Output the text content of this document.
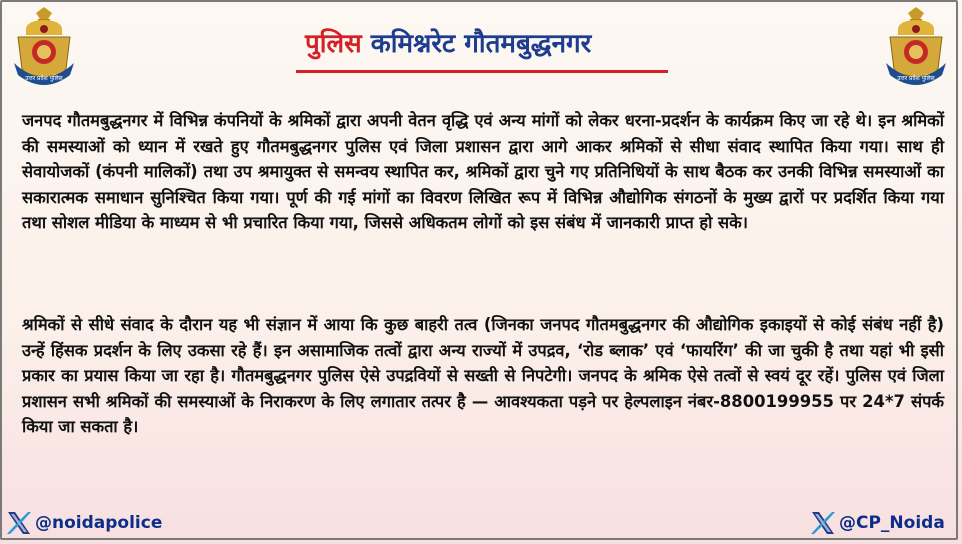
उत्तर प्रदेश पुलिस
पुलिस कमिश्नरेट गौतमबुद्धनगर
उत्तर प्रदेश पुलिस

जनपद गौतमबुद्धनगर में विभिन्न कंपनियों के श्रमिकों द्वारा अपनी वेतन वृद्धि एवं अन्य मांगों को लेकर धरना-प्रदर्शन के कार्यक्रम किए जा रहे थे। इन श्रमिकों की समस्याओं को ध्यान में रखते हुए गौतमबुद्धनगर पुलिस एवं जिला प्रशासन द्वारा आगे आकर श्रमिकों से सीधा संवाद स्थापित किया गया। साथ ही सेवायोजकों (कंपनी मालिकों) तथा उप श्रमायुक्त से समन्वय स्थापित कर, श्रमिकों द्वारा चुने गए प्रतिनिधियों के साथ बैठक कर उनकी विभिन्न समस्याओं का सकारात्मक समाधान सुनिश्चित किया गया। पूर्ण की गई मांगों का विवरण लिखित रूप में विभिन्न औद्योगिक संगठनों के मुख्य द्वारों पर प्रदर्शित किया गया तथा सोशल मीडिया के माध्यम से भी प्रचारित किया गया, जिससे अधिकतम लोगों को इस संबंध में जानकारी प्राप्त हो सके।

श्रमिकों से सीधे संवाद के दौरान यह भी संज्ञान में आया कि कुछ बाहरी तत्व (जिनका जनपद गौतमबुद्धनगर की औद्योगिक इकाइयों से कोई संबंध नहीं है) उन्हें हिंसक प्रदर्शन के लिए उकसा रहे हैं। इन असामाजिक तत्वों द्वारा अन्य राज्यों में उपद्रव, ‘रोड ब्लाक’ एवं ‘फायरिंग’ की जा चुकी है तथा यहां भी इसी प्रकार का प्रयास किया जा रहा है। गौतमबुद्धनगर पुलिस ऐसे उपद्रवियों से सख्ती से निपटेगी। जनपद के श्रमिक ऐसे तत्वों से स्वयं दूर रहें। पुलिस एवं जिला प्रशासन सभी श्रमिकों की समस्याओं के निराकरण के लिए लगातार तत्पर है — आवश्यकता पड़ने पर हेल्पलाइन नंबर-8800199955 पर 24*7 संपर्क किया जा सकता है।

@noidapolice	@CP_Noida
